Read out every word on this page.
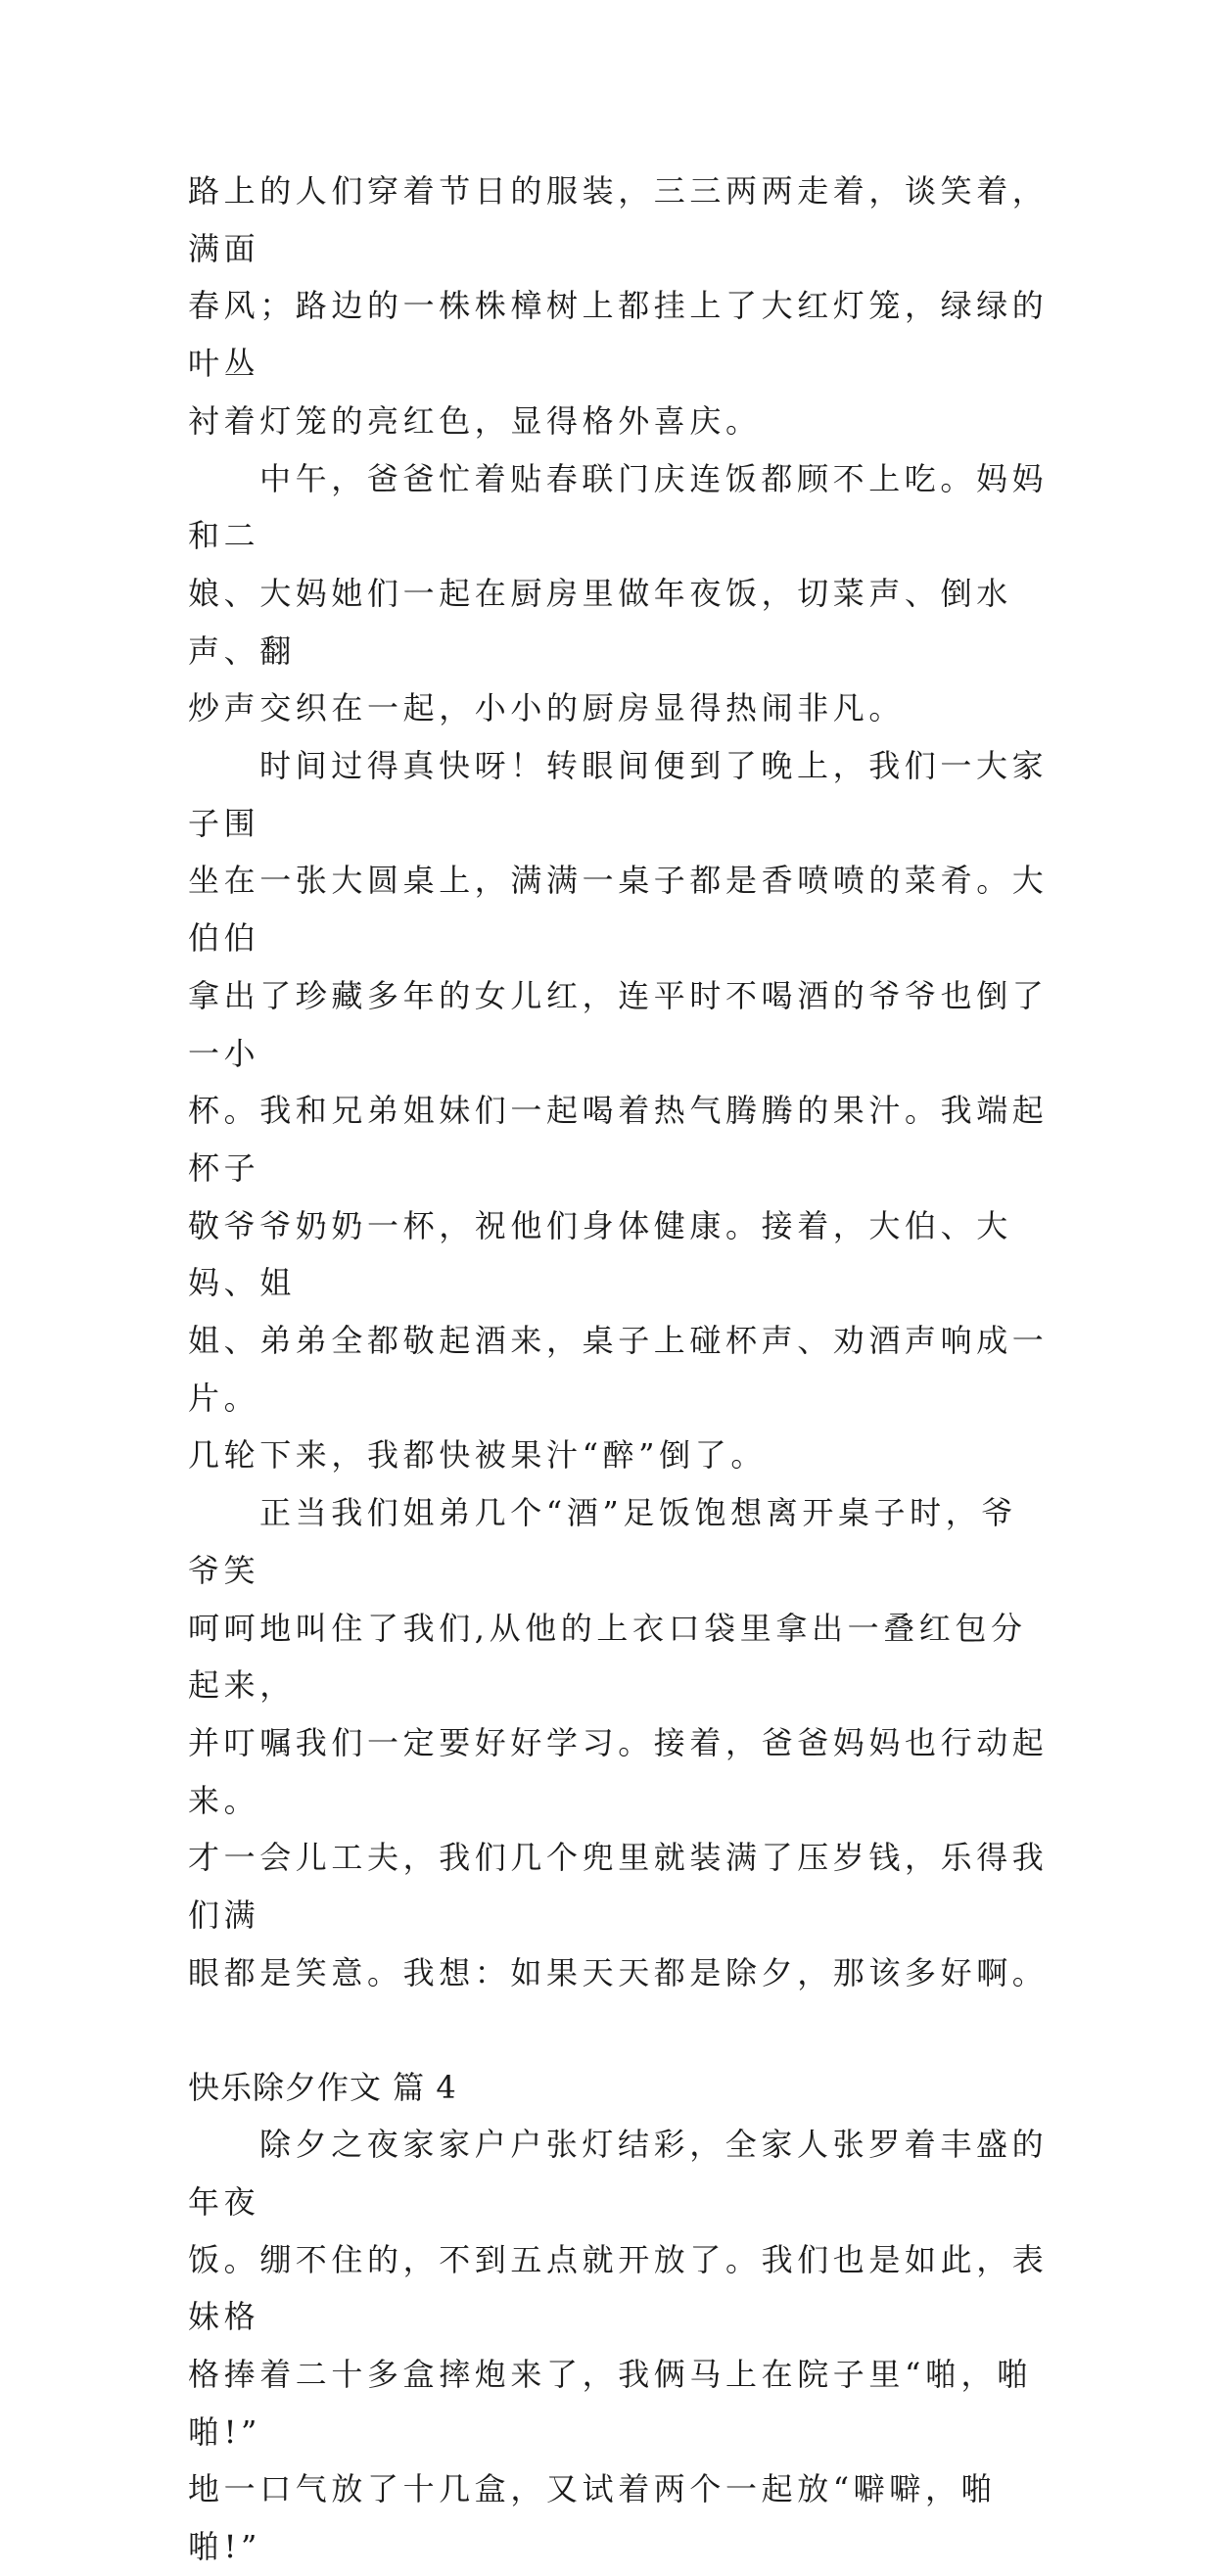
路上的人们穿着节日的服装，三三两两走着，谈笑着，满面
春风；路边的一株株樟树上都挂上了大红灯笼，绿绿的叶丛
衬着灯笼的亮红色，显得格外喜庆。

中午，爸爸忙着贴春联门庆连饭都顾不上吃。妈妈和二
娘、大妈她们一起在厨房里做年夜饭，切菜声、倒水声、翻
炒声交织在一起，小小的厨房显得热闹非凡。

时间过得真快呀！转眼间便到了晚上，我们一大家子围
坐在一张大圆桌上，满满一桌子都是香喷喷的菜肴。大伯伯
拿出了珍藏多年的女儿红，连平时不喝酒的爷爷也倒了一小
杯。我和兄弟姐妹们一起喝着热气腾腾的果汁。我端起杯子
敬爷爷奶奶一杯，祝他们身体健康。接着，大伯、大妈、姐
姐、弟弟全都敬起酒来，桌子上碰杯声、劝酒声响成一片。
几轮下来，我都快被果汁“醉”倒了。

正当我们姐弟几个“酒”足饭饱想离开桌子时，爷爷笑
呵呵地叫住了我们,从他的上衣口袋里拿出一叠红包分起来，
并叮嘱我们一定要好好学习。接着，爸爸妈妈也行动起来。
才一会儿工夫，我们几个兜里就装满了压岁钱，乐得我们满
眼都是笑意。我想：如果天天都是除夕，那该多好啊。

快乐除夕作文 篇 4

除夕之夜家家户户张灯结彩，全家人张罗着丰盛的年夜
饭。绷不住的，不到五点就开放了。我们也是如此，表妹格
格捧着二十多盒摔炮来了，我俩马上在院子里“啪，啪啪!”
地一口气放了十几盒，又试着两个一起放“噼噼，啪啪!”
